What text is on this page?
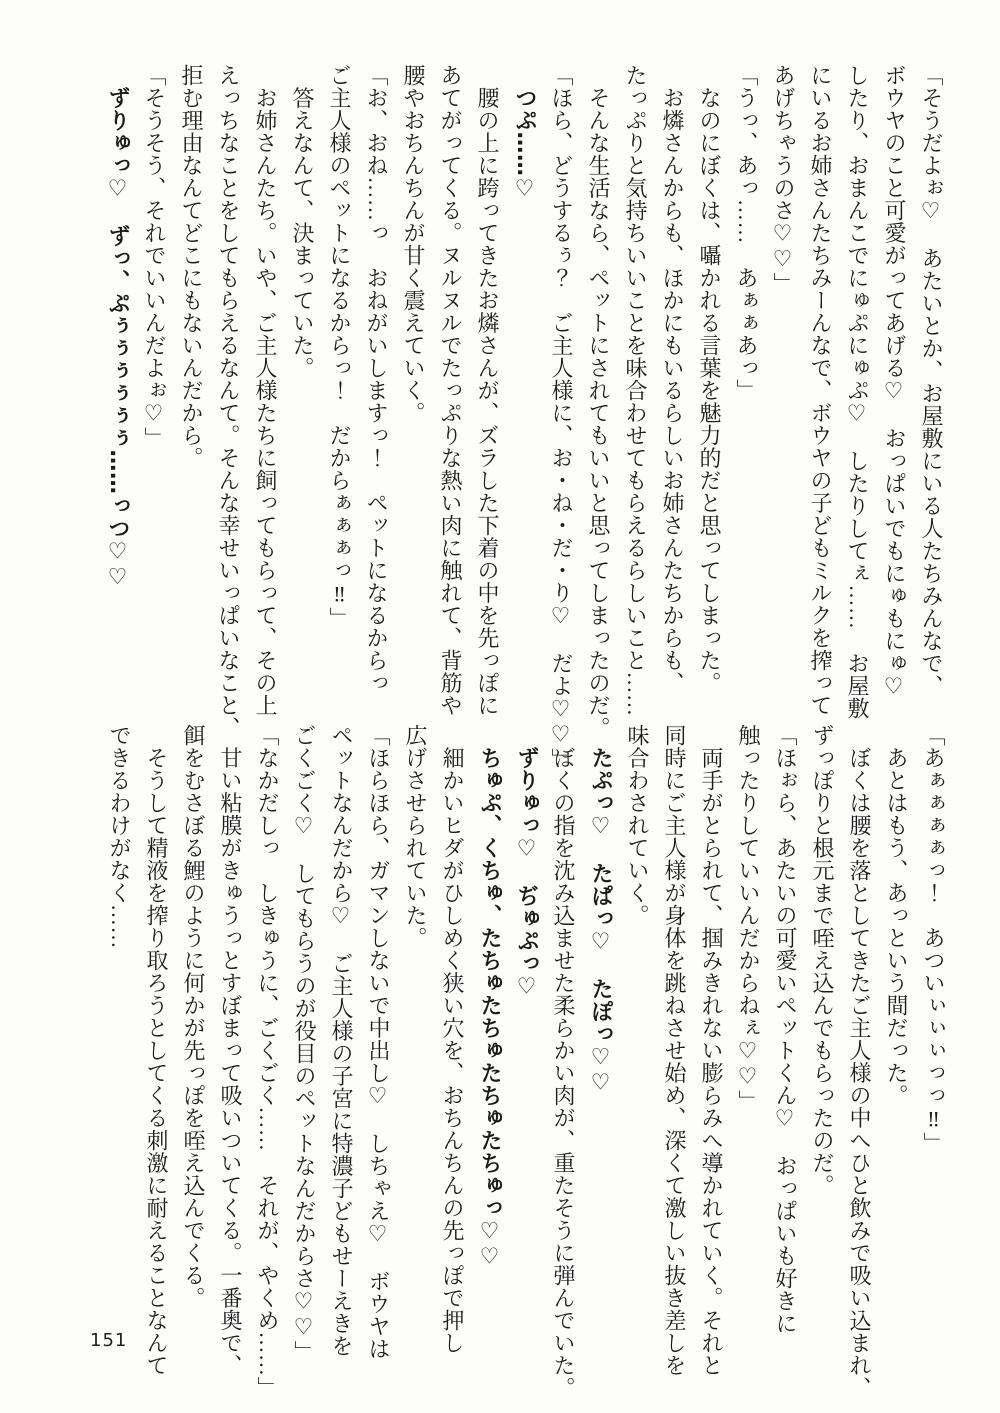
「そうだよぉ♡　あたいとか、お屋敷にいる人たちみんなで、

ボウヤのこと可愛がってあげる♡　おっぱいでもにゅもにゅ♡

したり、おまんこでにゅぷにゅぷ♡　したりしてぇ……　お屋敷

にいるお姉さんたちみーんなで、ボウヤの子どもミルクを搾って

あげちゃうのさ♡♡」

「うっ、あっ……　あぁぁあっ」

　なのにぼくは、囁かれる言葉を魅力的だと思ってしまった。

　お燐さんからも、ほかにもいるらしいお姉さんたちからも、

たっぷりと気持ちいいことを味合わせてもらえるらしいこと……

　そんな生活なら、ペットにされてもいいと思ってしまったのだ。

「ほら、どうするぅ？　ご主人様に、お・ね・だ・り♡　だよ♡♡」

　つぷ……♡

　腰の上に跨ってきたお燐さんが、ズラした下着の中を先っぽに

あてがってくる。ヌルヌルでたっぷりな熱い肉に触れて、背筋や

腰やおちんちんが甘く震えていく。

「お、おね……っ　おねがいしますっ！　ペットになるからっ

ご主人様のペットになるからっ！　だからぁぁぁっ‼」

　答えなんて、決まっていた。

　お姉さんたち。いや、ご主人様たちに飼ってもらって、その上

えっちなことをしてもらえるなんて。そんな幸せいっぱいなこと、

拒む理由なんてどこにもないんだから。

「そうそう、それでいいんだよぉ♡」

　ずりゅっ♡　ずっ、ぷぅぅぅぅぅぅ……っつ♡♡

「あぁぁぁぁっ！　あついぃぃぃっっ‼」

　あとはもう、あっという間だった。

　ぼくは腰を落としてきたご主人様の中へひと飲みで吸い込まれ、

ずっぽりと根元まで咥え込んでもらったのだ。

「ほぉら、あたいの可愛いペットくん♡　おっぱいも好きに

触ったりしていいんだからねぇ♡♡」

　両手がとられて、掴みきれない膨らみへ導かれていく。それと

同時にご主人様が身体を跳ねさせ始め、深くて激しい抜き差しを

味合わされていく。

　たぷっ♡　たぱっ♡　たぽっ♡♡

　ぼくの指を沈み込ませた柔らかい肉が、重たそうに弾んでいた。

　ずりゅっ♡　ぢゅぷっ♡

　ちゅぷ、くちゅ、たちゅたちゅたちゅたちゅっ♡♡

　細かいヒダがひしめく狭い穴を、おちんちんの先っぽで押し

広げさせられていた。

「ほらほら、ガマンしないで中出し♡　しちゃえ♡　ボウヤは

ペットなんだから♡　ご主人様の子宮に特濃子どもせーえきを

ごくごく♡　してもらうのが役目のペットなんだからさ♡♡」

「なかだしっ　しきゅうに、ごくごく……　それが、やくめ……」

　甘い粘膜がきゅうっとすぼまって吸いついてくる。一番奥で、

餌をむさぼる鯉のように何かが先っぽを咥え込んでくる。

　そうして精液を搾り取ろうとしてくる刺激に耐えることなんて

できるわけがなく……

151
